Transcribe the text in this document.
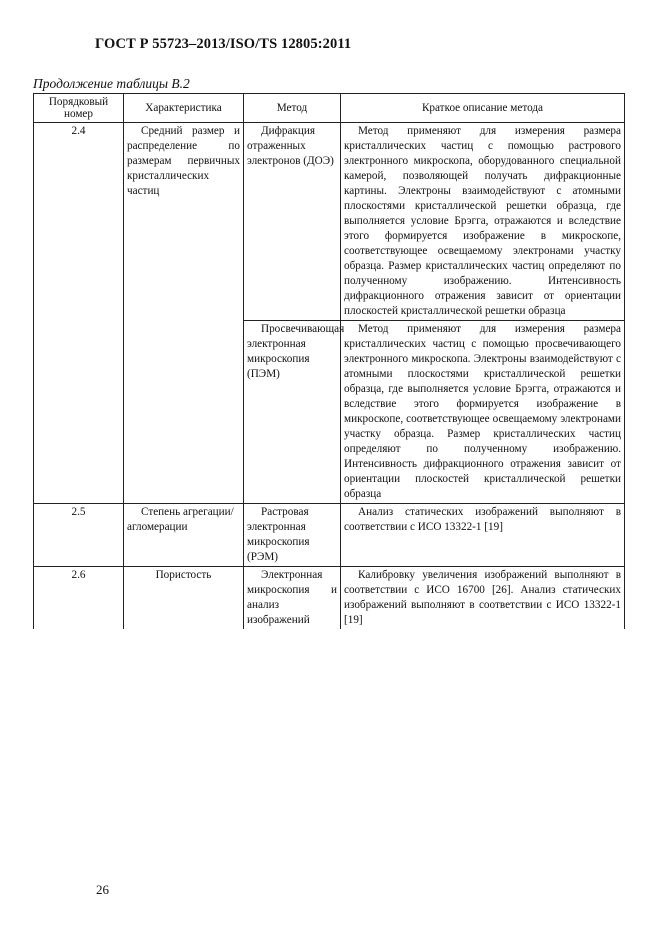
ГОСТ Р 55723–2013/ISO/TS 12805:2011
Продолжение таблицы В.2
Порядковый номер	Характеристика	Метод	Краткое описание метода
2.4	Средний размер и распределение по размерам первичных кристаллических частиц	Дифракция отраженных электронов (ДОЭ)	Метод применяют для измерения размера кристаллических частиц с помощью растрового электронного микроскопа, оборудованного специальной камерой, позволяющей получать дифракционные картины. Электроны взаимодействуют с атомными плоскостями кристаллической решетки образца, где выполняется условие Брэгга, отражаются и вследствие этого формируется изображение в микроскопе, соответствующее освещаемому электронами участку образца. Размер кристаллических частиц определяют по полученному изображению. Интенсивность дифракционного отражения зависит от ориентации плоскостей кристаллической решетки образца
		Просвечивающая электронная микроскопия (ПЭМ)	Метод применяют для измерения размера кристаллических частиц с помощью просвечивающего электронного микроскопа. Электроны взаимодействуют с атомными плоскостями кристаллической решетки образца, где выполняется условие Брэгга, отражаются и вследствие этого формируется изображение в микроскопе, соответствующее освещаемому электронами участку образца. Размер кристаллических частиц определяют по полученному изображению. Интенсивность дифракционного отражения зависит от ориентации плоскостей кристаллической решетки образца
2.5	Степень агрегации/агломерации	Растровая электронная микроскопия (РЭМ)	Анализ статических изображений выполняют в соответствии с ИСО 13322-1 [19]
2.6	Пористость	Электронная микроскопия и анализ изображений	Калибровку увеличения изображений выполняют в соответствии с ИСО 16700 [26]. Анализ статических изображений выполняют в соответствии с ИСО 13322-1 [19]
26
